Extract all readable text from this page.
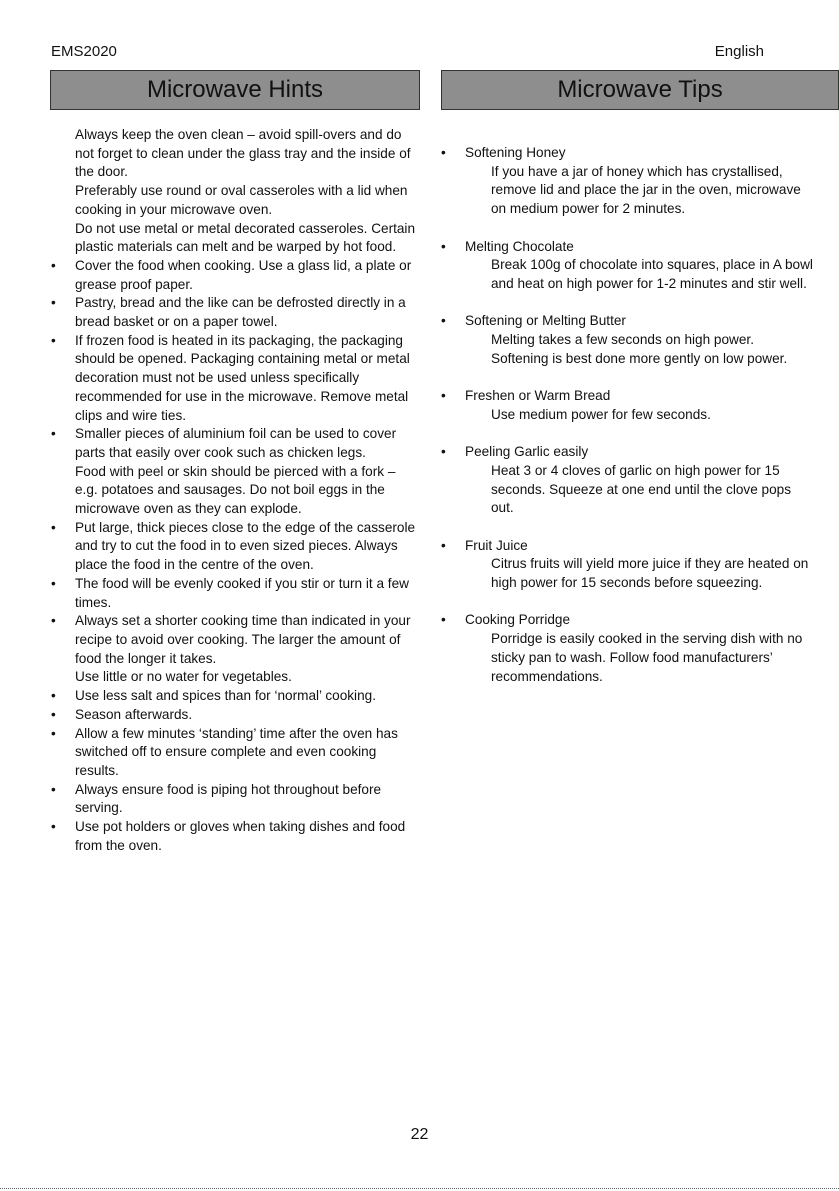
EMS2020	English
Microwave Hints	Microwave Tips
Always keep the oven clean – avoid spill-overs and do not forget to clean under the glass tray and the inside of the door.
Preferably use round or oval casseroles with a lid when cooking in your microwave oven.
Do not use metal or metal decorated casseroles. Certain plastic materials can melt and be warped by hot food.
•	Cover the food when cooking. Use a glass lid, a plate or grease proof paper.
•	Pastry, bread and the like can be defrosted directly in a bread basket or on a paper towel.
•	If frozen food is heated in its packaging, the packaging should be opened. Packaging containing metal or metal decoration must not be used unless specifically recommended for use in the microwave. Remove metal clips and wire ties.
•	Smaller pieces of aluminium foil can be used to cover parts that easily over cook such as chicken legs.
Food with peel or skin should be pierced with a fork – e.g. potatoes and sausages. Do not boil eggs in the microwave oven as they can explode.
•	Put large, thick pieces close to the edge of the casserole and try to cut the food in to even sized pieces. Always place the food in the centre of the oven.
•	The food will be evenly cooked if you stir or turn it a few times.
•	Always set a shorter cooking time than indicated in your recipe to avoid over cooking. The larger the amount of food the longer it takes.
Use little or no water for vegetables.
•	Use less salt and spices than for ‘normal’ cooking.
•	Season afterwards.
•	Allow a few minutes ‘standing’ time after the oven has switched off to ensure complete and even cooking results.
•	Always ensure food is piping hot throughout before serving.
•	Use pot holders or gloves when taking dishes and food from the oven.
•	Softening Honey
If you have a jar of honey which has crystallised, remove lid and place the jar in the oven, microwave on medium power for 2 minutes.
•	Melting Chocolate
Break 100g of chocolate into squares, place in A bowl and heat on high power for 1-2 minutes and stir well.
•	Softening or Melting Butter
Melting takes a few seconds on high power. Softening is best done more gently on low power.
•	Freshen or Warm Bread
Use medium power for few seconds.
•	Peeling Garlic easily
Heat 3 or 4 cloves of garlic on high power for 15 seconds. Squeeze at one end until the clove pops out.
•	Fruit Juice
Citrus fruits will yield more juice if they are heated on high power for 15 seconds before squeezing.
•	Cooking Porridge
Porridge is easily cooked in the serving dish with no sticky pan to wash. Follow food manufacturers’ recommendations.
22
